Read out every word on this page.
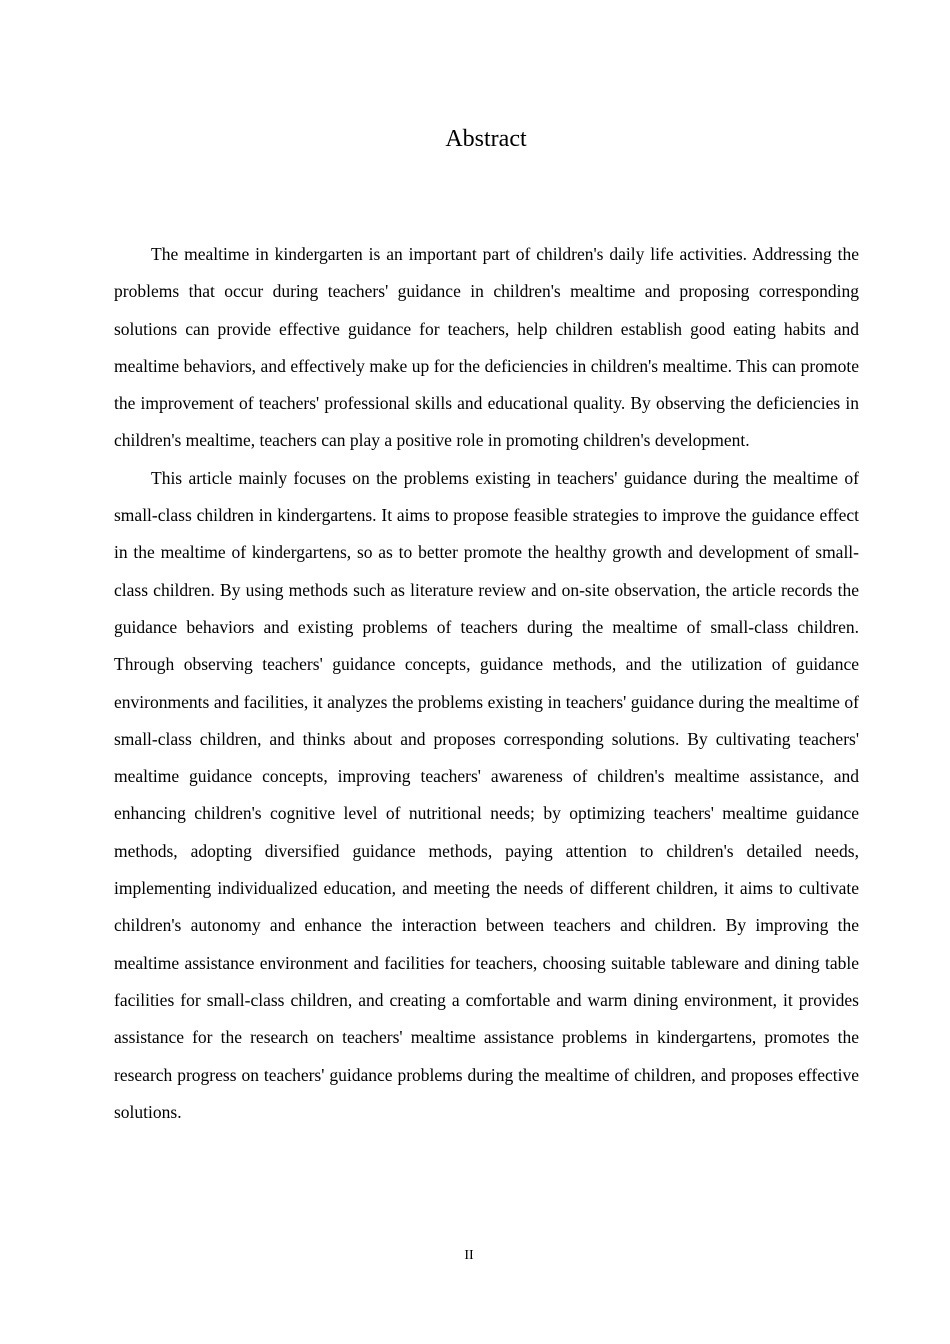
Abstract

The mealtime in kindergarten is an important part of children's daily life activities. Addressing the problems that occur during teachers' guidance in children's mealtime and proposing corresponding solutions can provide effective guidance for teachers, help children establish good eating habits and mealtime behaviors, and effectively make up for the deficiencies in children's mealtime. This can promote the improvement of teachers' professional skills and educational quality. By observing the deficiencies in children's mealtime, teachers can play a positive role in promoting children's development.

This article mainly focuses on the problems existing in teachers' guidance during the mealtime of small-class children in kindergartens. It aims to propose feasible strategies to improve the guidance effect in the mealtime of kindergartens, so as to better promote the healthy growth and development of small-class children. By using methods such as literature review and on-site observation, the article records the guidance behaviors and existing problems of teachers during the mealtime of small-class children. Through observing teachers' guidance concepts, guidance methods, and the utilization of guidance environments and facilities, it analyzes the problems existing in teachers' guidance during the mealtime of small-class children, and thinks about and proposes corresponding solutions. By cultivating teachers' mealtime guidance concepts, improving teachers' awareness of children's mealtime assistance, and enhancing children's cognitive level of nutritional needs; by optimizing teachers' mealtime guidance methods, adopting diversified guidance methods, paying attention to children's detailed needs, implementing individualized education, and meeting the needs of different children, it aims to cultivate children's autonomy and enhance the interaction between teachers and children. By improving the mealtime assistance environment and facilities for teachers, choosing suitable tableware and dining table facilities for small-class children, and creating a comfortable and warm dining environment, it provides assistance for the research on teachers' mealtime assistance problems in kindergartens, promotes the research progress on teachers' guidance problems during the mealtime of children, and proposes effective solutions.

II
